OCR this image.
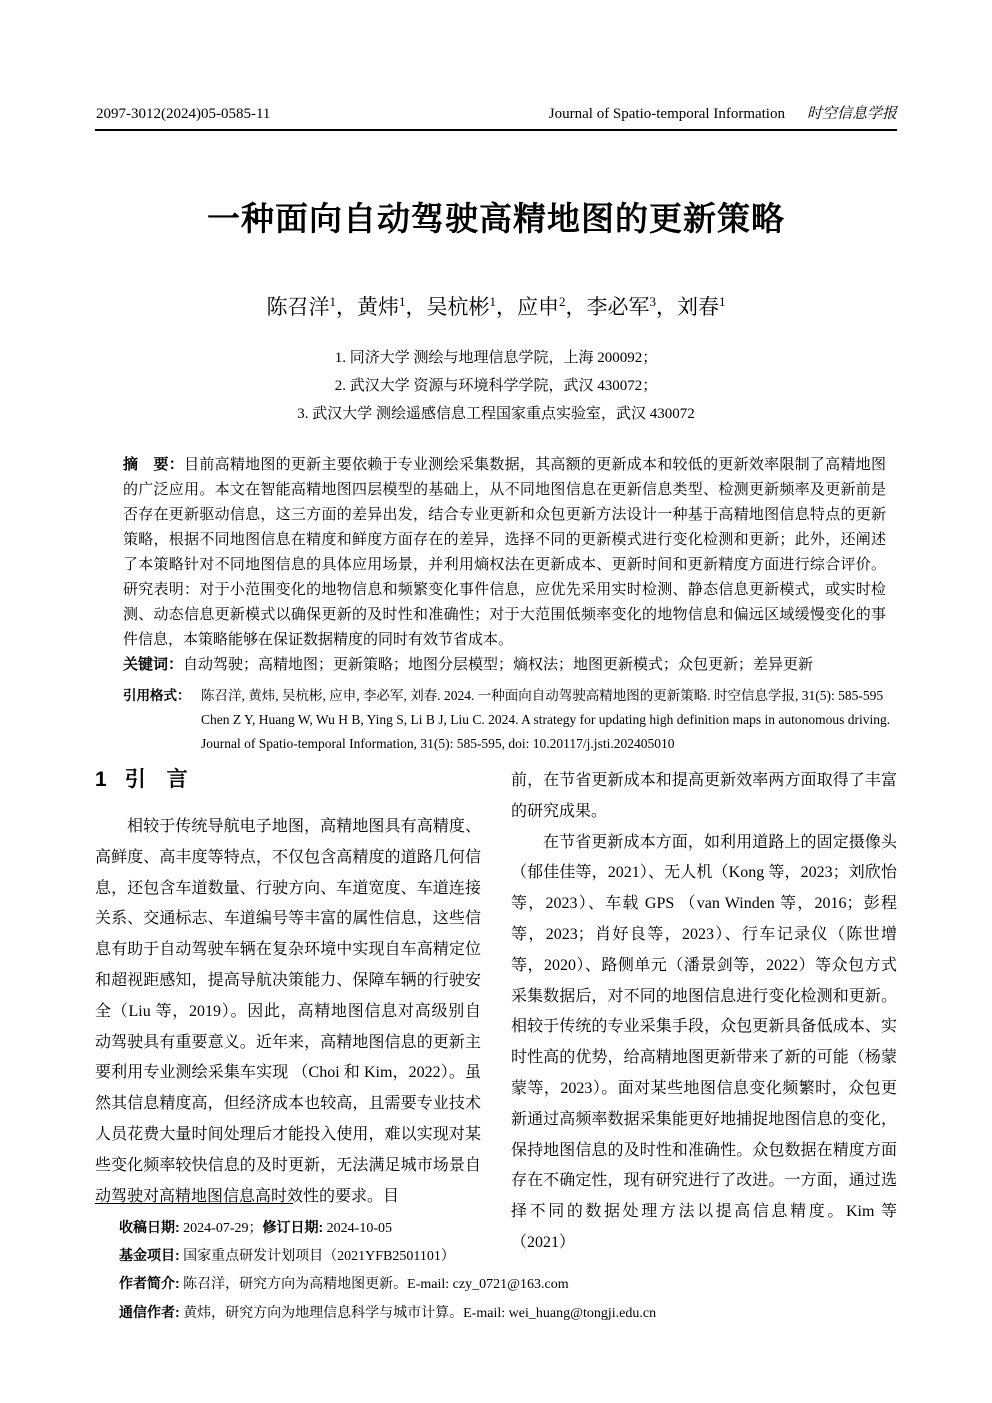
2097-3012(2024)05-0585-11	Journal of Spatio-temporal Information 时空信息学报
一种面向自动驾驶高精地图的更新策略
陈召洋$^1$，黄炜$^1$，吴杭彬$^1$，应申$^2$，李必军$^3$，刘春$^1$
1. 同济大学 测绘与地理信息学院，上海 200092；
2. 武汉大学 资源与环境科学学院，武汉 430072；
3. 武汉大学 测绘遥感信息工程国家重点实验室，武汉 430072
摘　要：目前高精地图的更新主要依赖于专业测绘采集数据，其高额的更新成本和较低的更新效率限制了高精地图的广泛应用。本文在智能高精地图四层模型的基础上，从不同地图信息在更新信息类型、检测更新频率及更新前是否存在更新驱动信息，这三方面的差异出发，结合专业更新和众包更新方法设计一种基于高精地图信息特点的更新策略，根据不同地图信息在精度和鲜度方面存在的差异，选择不同的更新模式进行变化检测和更新；此外，还阐述了本策略针对不同地图信息的具体应用场景，并利用熵权法在更新成本、更新时间和更新精度方面进行综合评价。研究表明：对于小范围变化的地物信息和频繁变化事件信息，应优先采用实时检测、静态信息更新模式，或实时检测、动态信息更新模式以确保更新的及时性和准确性；对于大范围低频率变化的地物信息和偏远区域缓慢变化的事件信息，本策略能够在保证数据精度的同时有效节省成本。
关键词：自动驾驶；高精地图；更新策略；地图分层模型；熵权法；地图更新模式；众包更新；差异更新
引用格式： 陈召洋, 黄炜, 吴杭彬, 应申, 李必军, 刘春. 2024. 一种面向自动驾驶高精地图的更新策略. 时空信息学报, 31(5): 585-595
Chen Z Y, Huang W, Wu H B, Ying S, Li B J, Liu C. 2024. A strategy for updating high definition maps in autonomous driving. Journal of Spatio-temporal Information, 31(5): 585-595, doi: 10.20117/j.jsti.202405010
1 引　言

相较于传统导航电子地图，高精地图具有高精度、高鲜度、高丰度等特点，不仅包含高精度的道路几何信息，还包含车道数量、行驶方向、车道宽度、车道连接关系、交通标志、车道编号等丰富的属性信息，这些信息有助于自动驾驶车辆在复杂环境中实现自车高精定位和超视距感知，提高导航决策能力、保障车辆的行驶安全（Liu 等，2019）。因此，高精地图信息对高级别自动驾驶具有重要意义。近年来，高精地图信息的更新主要利用专业测绘采集车实现 （Choi 和 Kim，2022）。虽然其信息精度高，但经济成本也较高，且需要专业技术人员花费大量时间处理后才能投入使用，难以实现对某些变化频率较快信息的及时更新，无法满足城市场景自动驾驶对高精地图信息高时效性的要求。目

前，在节省更新成本和提高更新效率两方面取得了丰富的研究成果。

在节省更新成本方面，如利用道路上的固定摄像头（郁佳佳等，2021）、无人机（Kong 等，2023；刘欣怡等，2023）、车载 GPS （van Winden 等，2016；彭程等，2023；肖好良等，2023）、行车记录仪（陈世增等，2020）、路侧单元（潘景剑等，2022）等众包方式采集数据后，对不同的地图信息进行变化检测和更新。相较于传统的专业采集手段，众包更新具备低成本、实时性高的优势，给高精地图更新带来了新的可能（杨蒙蒙等，2023）。面对某些地图信息变化频繁时，众包更新通过高频率数据采集能更好地捕捉地图信息的变化，保持地图信息的及时性和准确性。众包数据在精度方面存在不确定性，现有研究进行了改进。一方面，通过选择不同的数据处理方法以提高信息精度。Kim 等（2021）

收稿日期: 2024-07-29；修订日期: 2024-10-05
基金项目: 国家重点研发计划项目（2021YFB2501101）
作者简介: 陈召洋，研究方向为高精地图更新。E-mail: czy_0721@163.com
通信作者: 黄炜，研究方向为地理信息科学与城市计算。E-mail: wei_huang@tongji.edu.cn
